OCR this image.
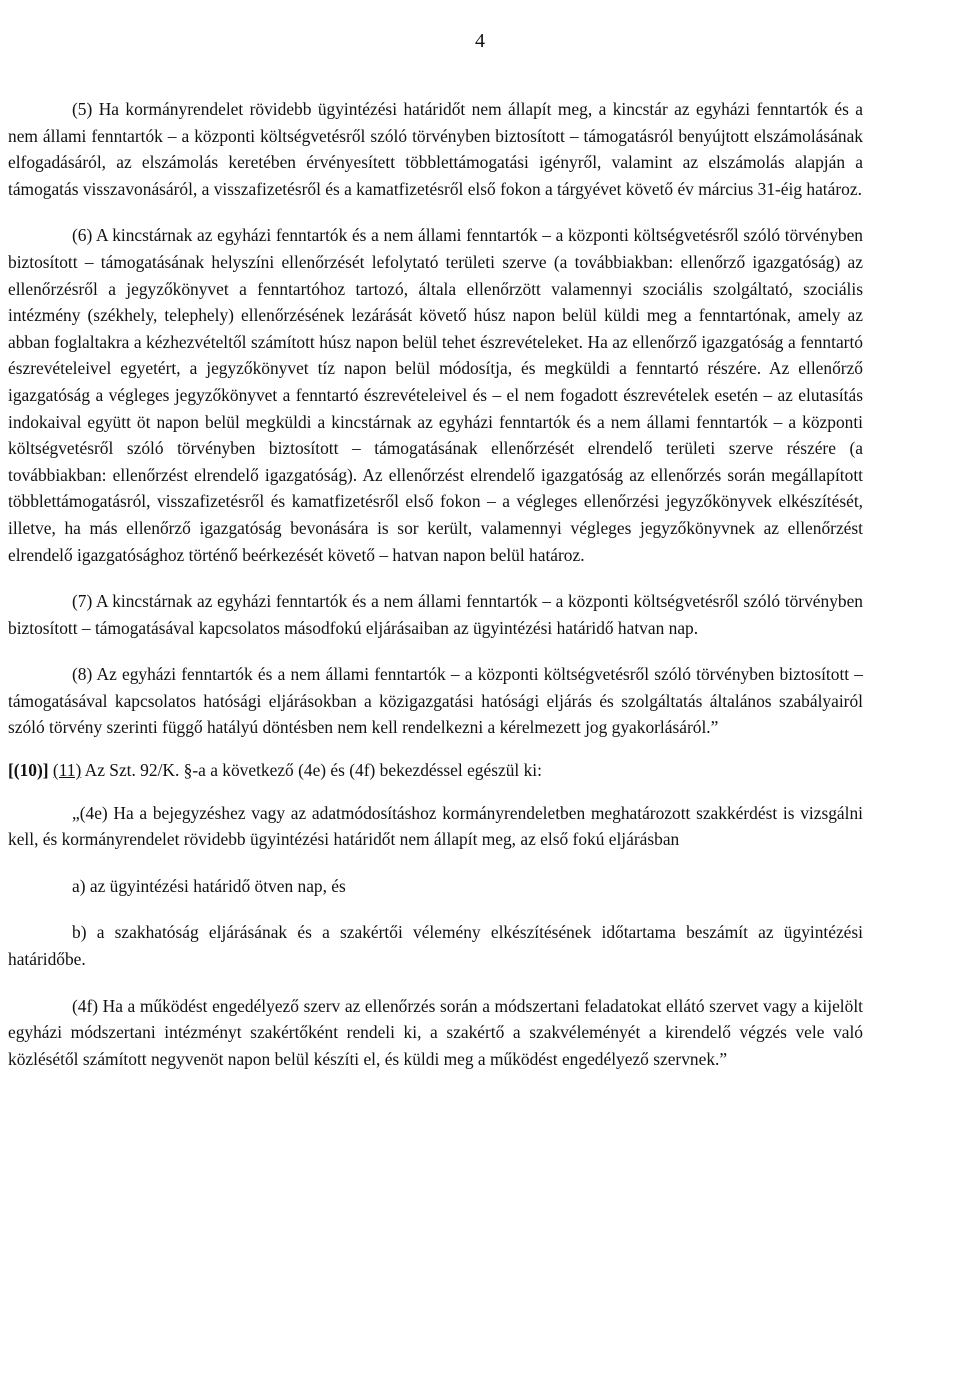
4

(5) Ha kormányrendelet rövidebb ügyintézési határidőt nem állapít meg, a kincstár az egyházi fenntartók és a nem állami fenntartók – a központi költségvetésről szóló törvényben biztosított – támogatásról benyújtott elszámolásának elfogadásáról, az elszámolás keretében érvényesített többlettámogatási igényről, valamint az elszámolás alapján a támogatás visszavonásáról, a visszafizetésről és a kamatfizetésről első fokon a tárgyévet követő év március 31-éig határoz.

(6) A kincstárnak az egyházi fenntartók és a nem állami fenntartók – a központi költségvetésről szóló törvényben biztosított – támogatásának helyszíni ellenőrzését lefolytató területi szerve (a továbbiakban: ellenőrző igazgatóság) az ellenőrzésről a jegyzőkönyvet a fenntartóhoz tartozó, általa ellenőrzött valamennyi szociális szolgáltató, szociális intézmény (székhely, telephely) ellenőrzésének lezárását követő húsz napon belül küldi meg a fenntartónak, amely az abban foglaltakra a kézhezvételtől számított húsz napon belül tehet észrevételeket. Ha az ellenőrző igazgatóság a fenntartó észrevételeivel egyetért, a jegyzőkönyvet tíz napon belül módosítja, és megküldi a fenntartó részére. Az ellenőrző igazgatóság a végleges jegyzőkönyvet a fenntartó észrevételeivel és – el nem fogadott észrevételek esetén – az elutasítás indokaival együtt öt napon belül megküldi a kincstárnak az egyházi fenntartók és a nem állami fenntartók – a központi költségvetésről szóló törvényben biztosított – támogatásának ellenőrzését elrendelő területi szerve részére (a továbbiakban: ellenőrzést elrendelő igazgatóság). Az ellenőrzést elrendelő igazgatóság az ellenőrzés során megállapított többlettámogatásról, visszafizetésről és kamatfizetésről első fokon – a végleges ellenőrzési jegyzőkönyvek elkészítését, illetve, ha más ellenőrző igazgatóság bevonására is sor került, valamennyi végleges jegyzőkönyvnek az ellenőrzést elrendelő igazgatósághoz történő beérkezését követő – hatvan napon belül határoz.

(7) A kincstárnak az egyházi fenntartók és a nem állami fenntartók – a központi költségvetésről szóló törvényben biztosított – támogatásával kapcsolatos másodfokú eljárásaiban az ügyintézési határidő hatvan nap.

(8) Az egyházi fenntartók és a nem állami fenntartók – a központi költségvetésről szóló törvényben biztosított – támogatásával kapcsolatos hatósági eljárásokban a közigazgatási hatósági eljárás és szolgáltatás általános szabályairól szóló törvény szerinti függő hatályú döntésben nem kell rendelkezni a kérelmezett jog gyakorlásáról.”

[(10)] (11) Az Szt. 92/K. §-a a következő (4e) és (4f) bekezdéssel egészül ki:

„(4e) Ha a bejegyzéshez vagy az adatmódosításhoz kormányrendeletben meghatározott szakkérdést is vizsgálni kell, és kormányrendelet rövidebb ügyintézési határidőt nem állapít meg, az első fokú eljárásban

a) az ügyintézési határidő ötven nap, és

b) a szakhatóság eljárásának és a szakértői vélemény elkészítésének időtartama beszámít az ügyintézési határidőbe.

(4f) Ha a működést engedélyező szerv az ellenőrzés során a módszertani feladatokat ellátó szervet vagy a kijelölt egyházi módszertani intézményt szakértőként rendeli ki, a szakértő a szakvéleményét a kirendelő végzés vele való közlésétől számított negyvenöt napon belül készíti el, és küldi meg a működést engedélyező szervnek.”
